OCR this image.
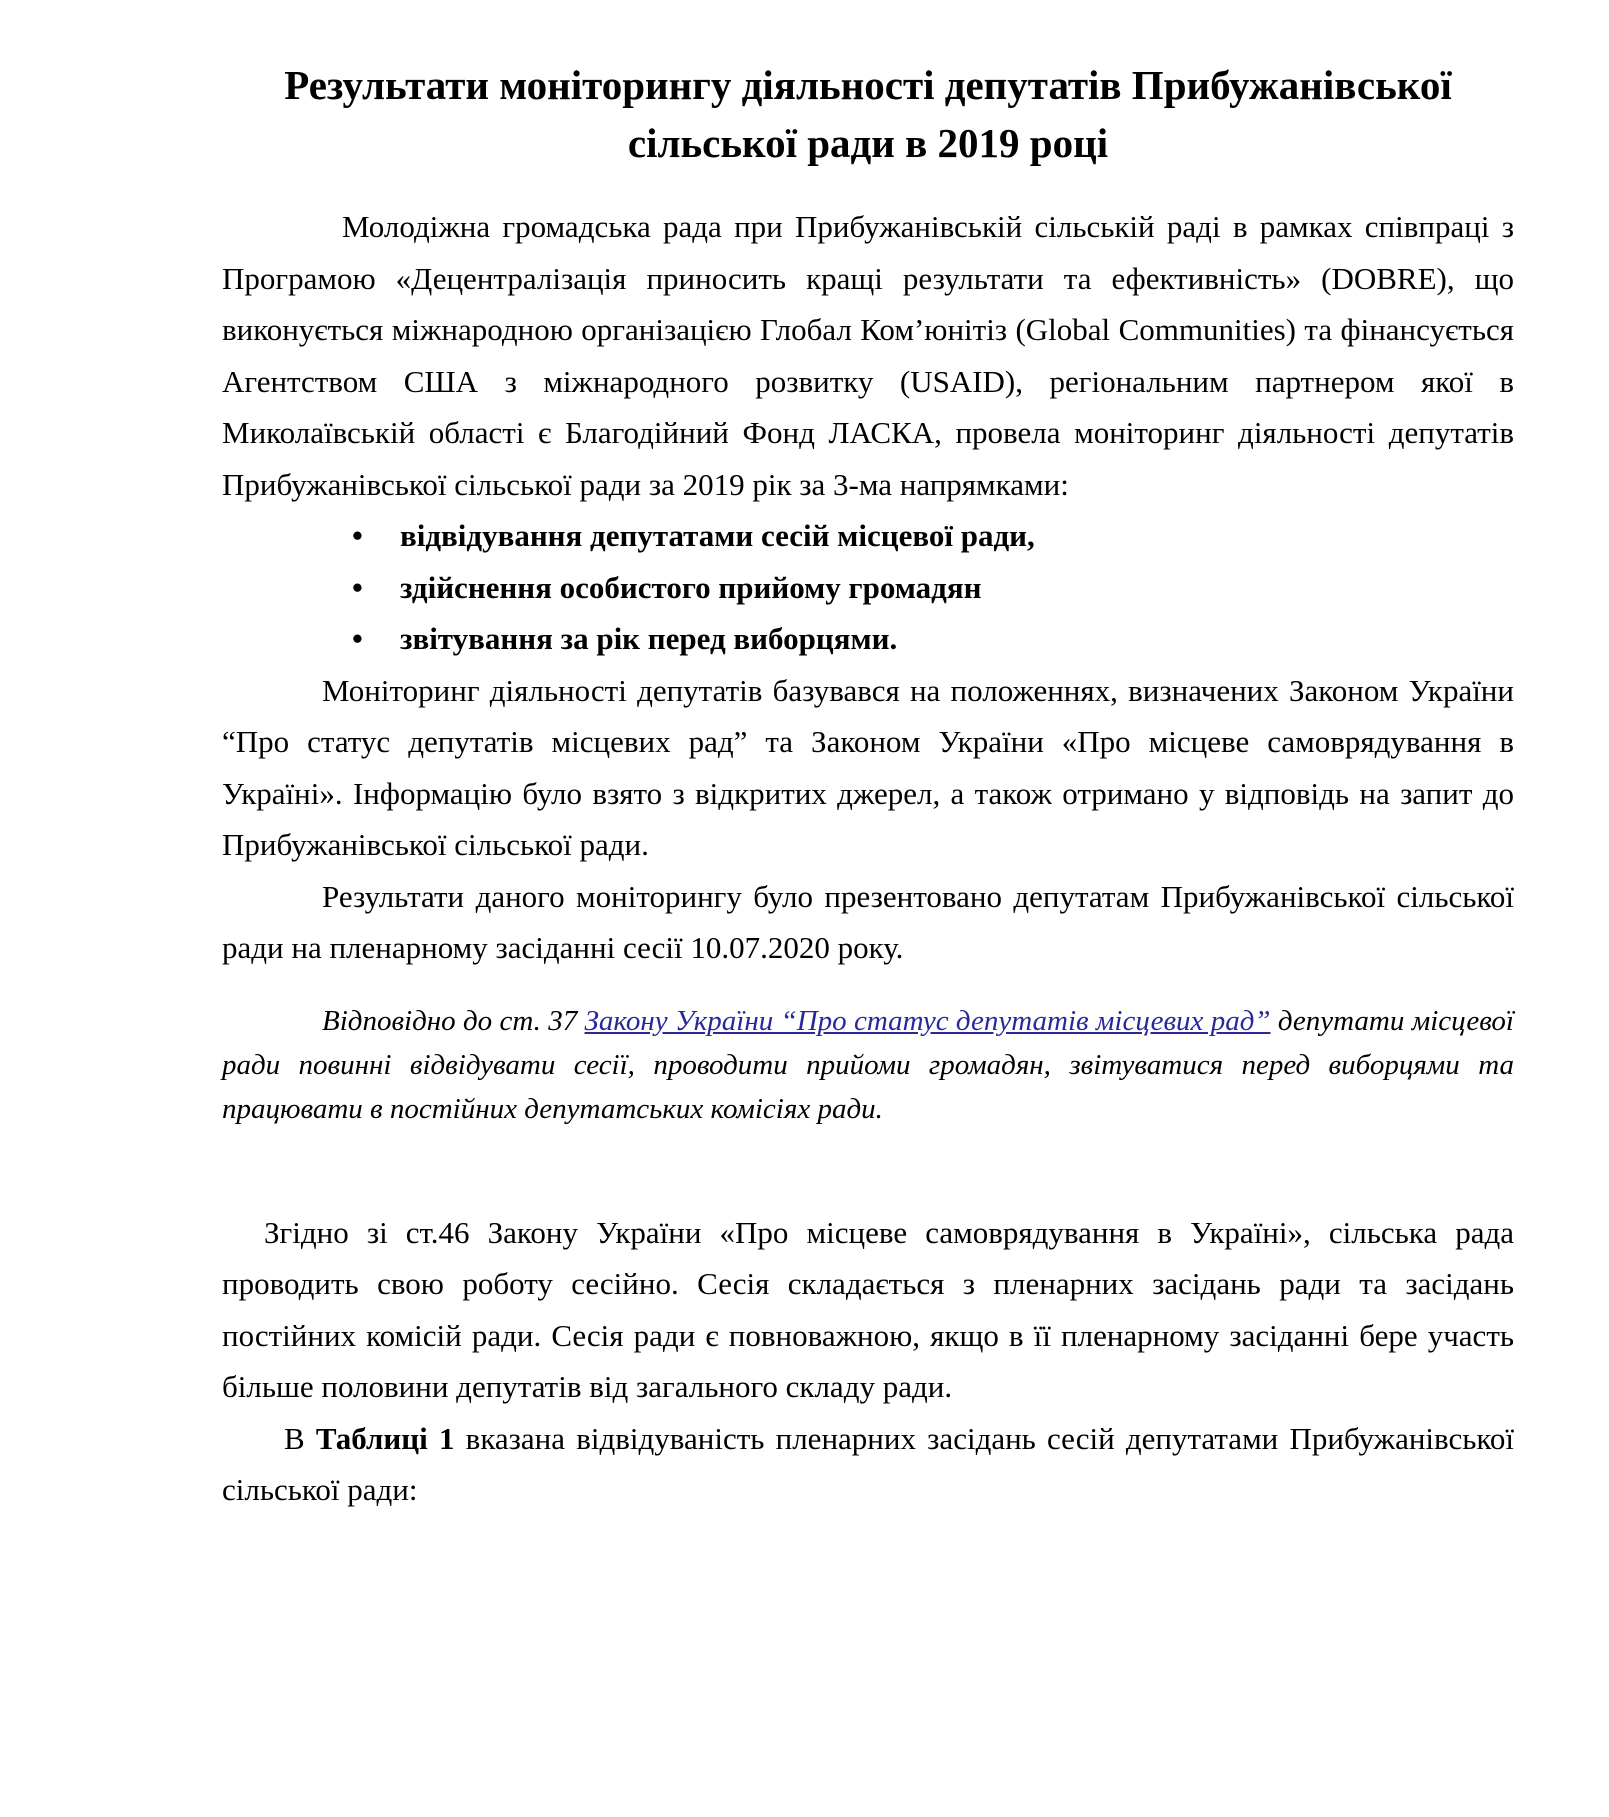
Результати моніторингу діяльності депутатів Прибужанівської
сільської ради в 2019 році

Молодіжна громадська рада при Прибужанівській сільській раді в рамках співпраці з Програмою «Децентралізація приносить кращі результати та ефективність» (DOBRE), що виконується міжнародною організацією Глобал Ком’юнітіз (Global Communities) та фінансується Агентством США з міжнародного розвитку (USAID), регіональним партнером якої в Миколаївській області є Благодійний Фонд ЛАСКА, провела моніторинг діяльності депутатів Прибужанівської сільської ради за 2019 рік за 3-ма напрямками:

• відвідування депутатами сесій місцевої ради,
• здійснення особистого прийому громадян
• звітування за рік перед виборцями.

Моніторинг діяльності депутатів базувався на положеннях, визначених Законом України “Про статус депутатів місцевих рад” та Законом України «Про місцеве самоврядування в Україні». Інформацію було взято з відкритих джерел, а також отримано у відповідь на запит до Прибужанівської сільської ради.

Результати даного моніторингу було презентовано депутатам Прибужанівської сільської ради на пленарному засіданні сесії 10.07.2020 року.

Відповідно до ст. 37 Закону України “Про статус депутатів місцевих рад” депутати місцевої ради повинні відвідувати сесії, проводити прийоми громадян, звітуватися перед виборцями та працювати в постійних депутатських комісіях ради.

Згідно зі ст.46 Закону України «Про місцеве самоврядування в Україні», сільська рада проводить свою роботу сесійно. Сесія складається з пленарних засідань ради та засідань постійних комісій ради. Сесія ради є повноважною, якщо в її пленарному засіданні бере участь більше половини депутатів від загального складу ради.

В Таблиці 1 вказана відвідуваність пленарних засідань сесій депутатами Прибужанівської сільської ради:
